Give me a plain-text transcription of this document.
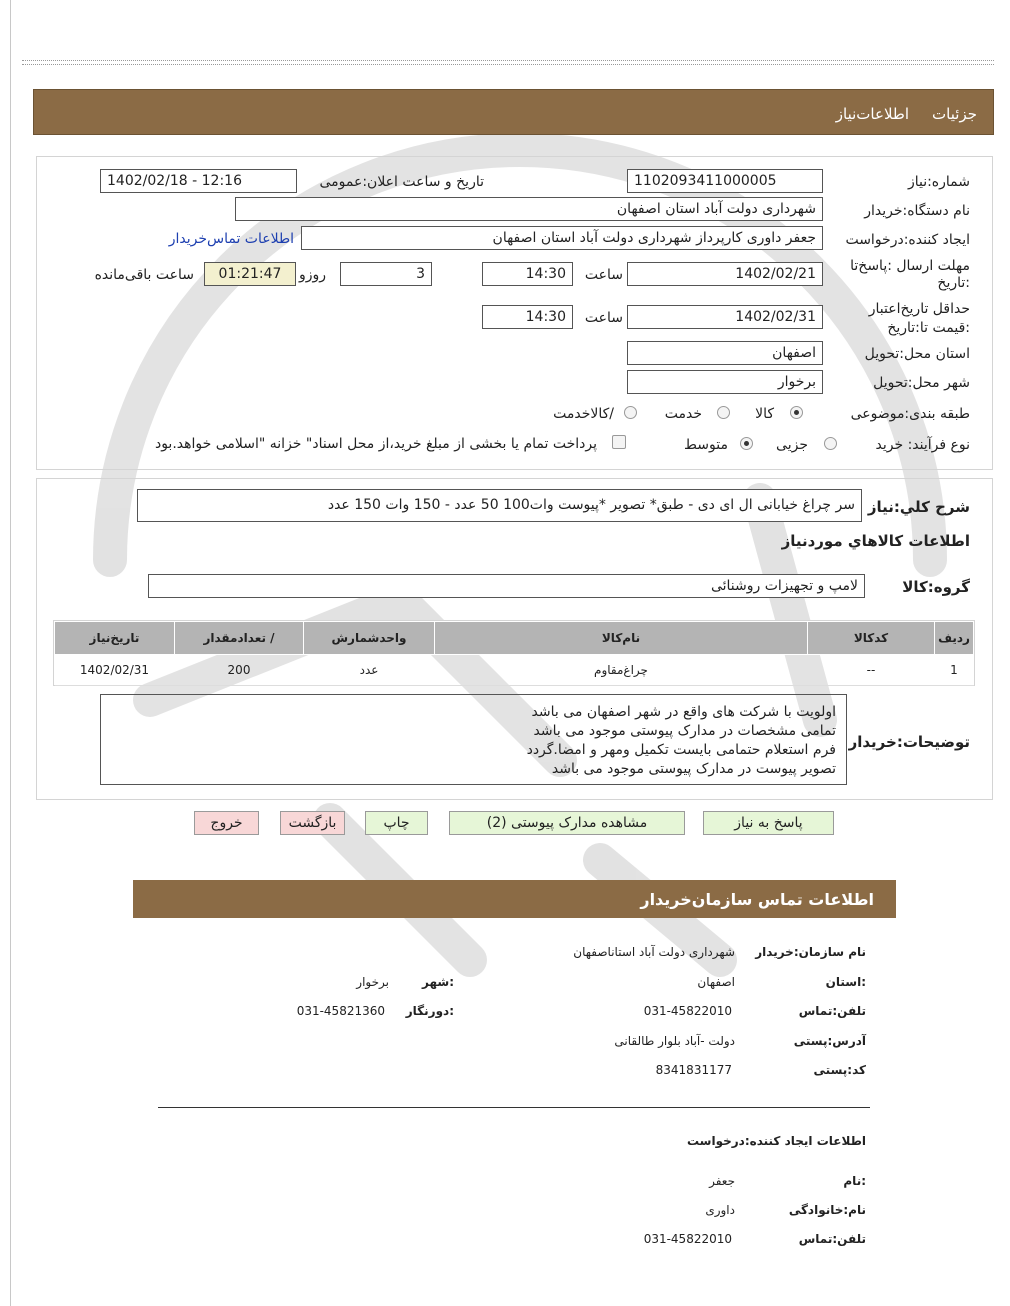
جزئیات
اطلاعات‌نیاز
شماره:نیاز
1102093411000005
تاریخ و ساعت اعلان:عمومی
1402/02/18 - 12:16
نام دستگاه:خریدار
شهرداری دولت آباد استان اصفهان
ایجاد کننده:درخواست
جعفر داوری کارپرداز شهرداری دولت آباد استان اصفهان
اطلاعات تماس‌خریدار
مهلت ارسال :پاسخ‌تا
:تاریخ
1402/02/21
ساعت
14:30
3
روزو
01:21:47
ساعت باقی‌مانده
حداقل تاریخ‌اعتبار
:قیمت تا:تاریخ
1402/02/31
ساعت
14:30
استان محل:تحویل
اصفهان
شهر محل:تحویل
برخوار
طبقه بندی:موضوعی
کالا
خدمت
/کالاخدمت
نوع فرآیند: خرید
جزیی
متوسط
پرداخت تمام یا بخشی از مبلغ خرید،از محل اسناد" خزانه "اسلامی خواهد.بود
شرح کلي:نیاز
سر چراغ خیابانی ال ای دی - طبق* تصویر *پیوست وات100 50 عدد - 150 وات 150 عدد
اطلاعات کالاهاي موردنیاز
گروه:کالا
لامپ و تجهیزات روشنائی
ردیف	کدکالا	نام‌کالا	واحدشمارش	/ تعدادمقدار	تاریخ‌نیاز
1	--	چراغ‌مقاوم	عدد	200	1402/02/31
توضیحات:خریدار
اولویت با شرکت های واقع در شهر اصفهان می باشد
تمامی مشخصات در مدارک پیوستی موجود می باشد
فرم استعلام حتمامی بایست تکمیل ومهر و امضا.گردد
تصویر پیوست در مدارک پیوستی موجود می باشد
پاسخ به نیاز
مشاهده مدارک پیوستی (2)
چاپ
بازگشت
خروج
اطلاعات تماس سازمان‌خریدار
نام سازمان:خریدار
شهرداری دولت آباد استاناصفهان
:استان
اصفهان
:شهر
برخوار
تلفن:تماس
031-45822010
:دورنگار
031-45821360
آدرس:پستی
دولت -آباد بلوار طالقانی
کد:پستی
8341831177
اطلاعات ایجاد کننده:درخواست
:نام
جعفر
نام:خانوادگی
داوری
تلفن:تماس
031-45822010
